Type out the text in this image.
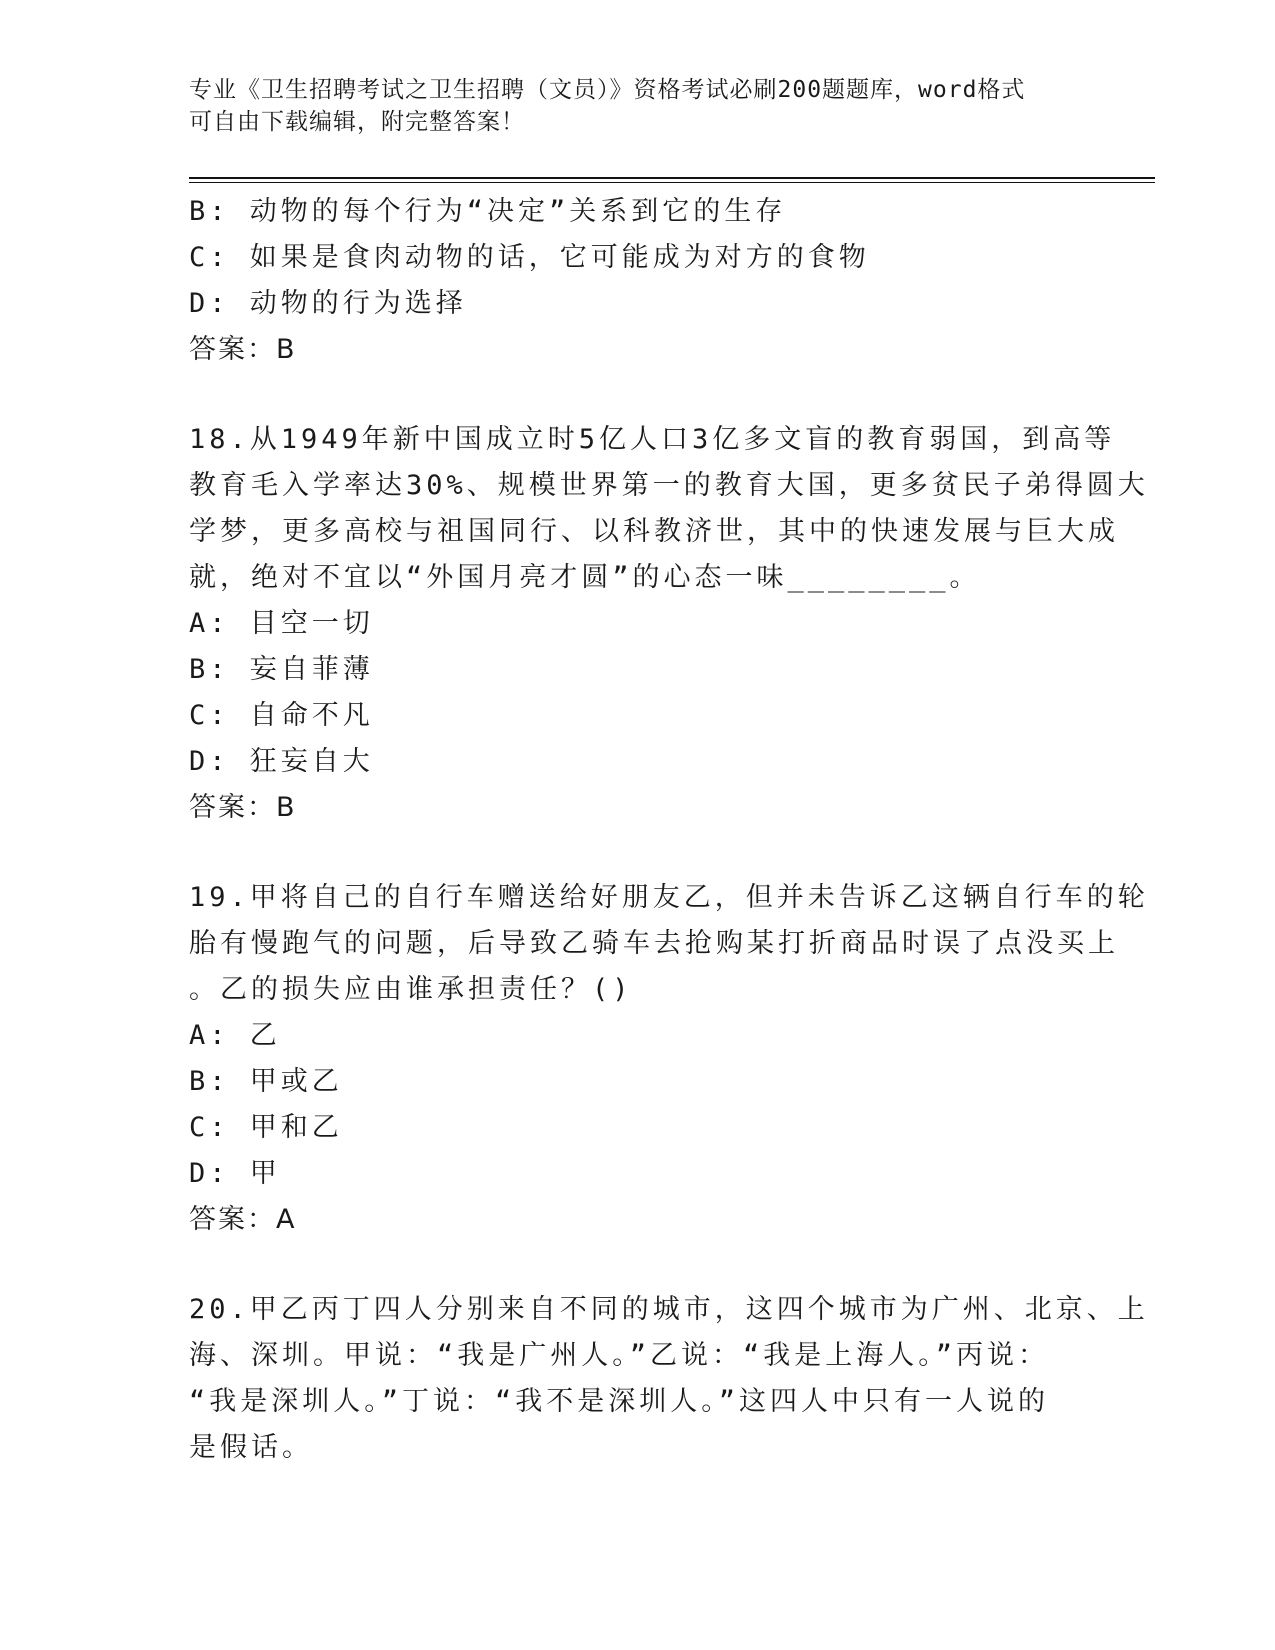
专业《卫生招聘考试之卫生招聘（文员）》资格考试必刷200题题库，word格式
可自由下载编辑，附完整答案！
B: 动物的每个行为“决定”关系到它的生存
C: 如果是食肉动物的话，它可能成为对方的食物
D: 动物的行为选择
答案：B
18.从1949年新中国成立时5亿人口3亿多文盲的教育弱国，到高等
教育毛入学率达30%、规模世界第一的教育大国，更多贫民子弟得圆大
学梦，更多高校与祖国同行、以科教济世，其中的快速发展与巨大成
就，绝对不宜以“外国月亮才圆”的心态一味________。
A: 目空一切
B: 妄自菲薄
C: 自命不凡
D: 狂妄自大
答案：B
19.甲将自己的自行车赠送给好朋友乙，但并未告诉乙这辆自行车的轮
胎有慢跑气的问题，后导致乙骑车去抢购某打折商品时误了点没买上
。乙的损失应由谁承担责任？()
A: 乙
B: 甲或乙
C: 甲和乙
D: 甲
答案：A
20.甲乙丙丁四人分别来自不同的城市，这四个城市为广州、北京、上
海、深圳。甲说：“我是广州人。”乙说：“我是上海人。”丙说：
“我是深圳人。”丁说：“我不是深圳人。”这四人中只有一人说的
是假话。
